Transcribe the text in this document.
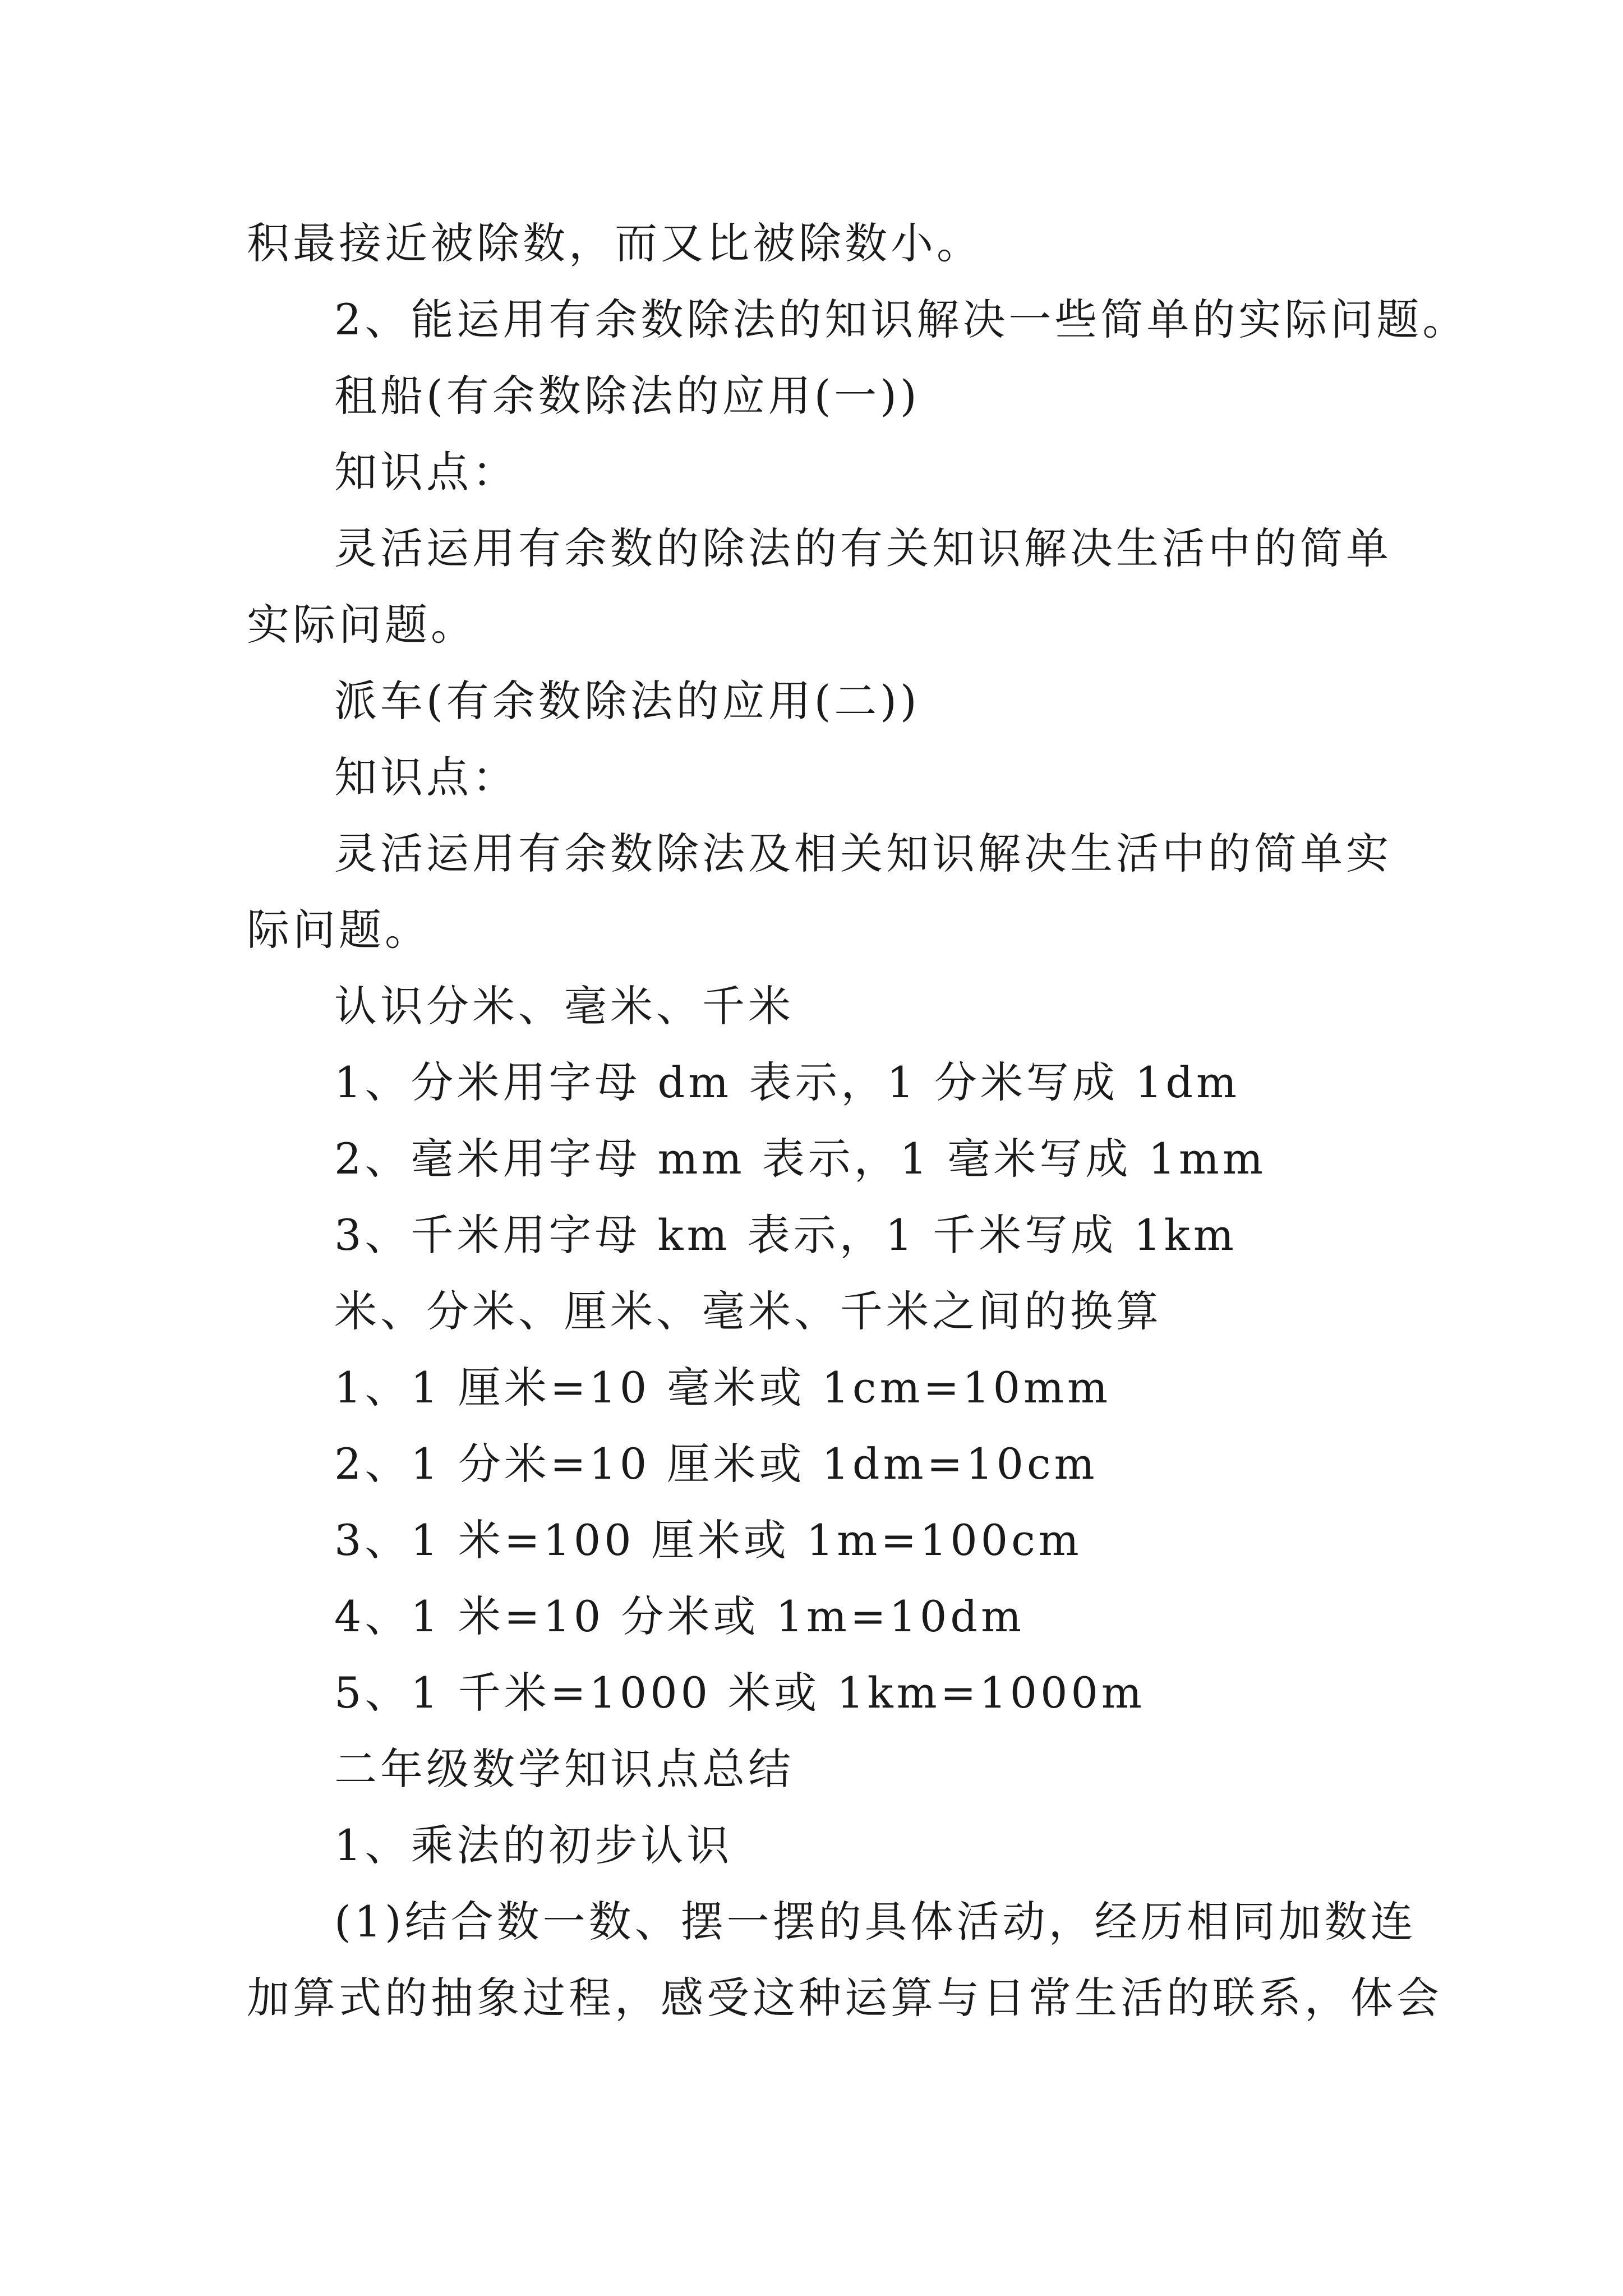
积最接近被除数，而又比被除数小。
2、能运用有余数除法的知识解决一些简单的实际问题。
租船(有余数除法的应用(一))
知识点：
灵活运用有余数的除法的有关知识解决生活中的简单
实际问题。
派车(有余数除法的应用(二))
知识点：
灵活运用有余数除法及相关知识解决生活中的简单实
际问题。
认识分米、毫米、千米
1、分米用字母 dm 表示，1 分米写成 1dm
2、毫米用字母 mm 表示，1 毫米写成 1mm
3、千米用字母 km 表示，1 千米写成 1km
米、分米、厘米、毫米、千米之间的换算
1、1 厘米=10 毫米或 1cm=10mm
2、1 分米=10 厘米或 1dm=10cm
3、1 米=100 厘米或 1m=100cm
4、1 米=10 分米或 1m=10dm
5、1 千米=1000 米或 1km=1000m
二年级数学知识点总结
1、乘法的初步认识
(1)结合数一数、摆一摆的具体活动，经历相同加数连
加算式的抽象过程，感受这种运算与日常生活的联系，体会
